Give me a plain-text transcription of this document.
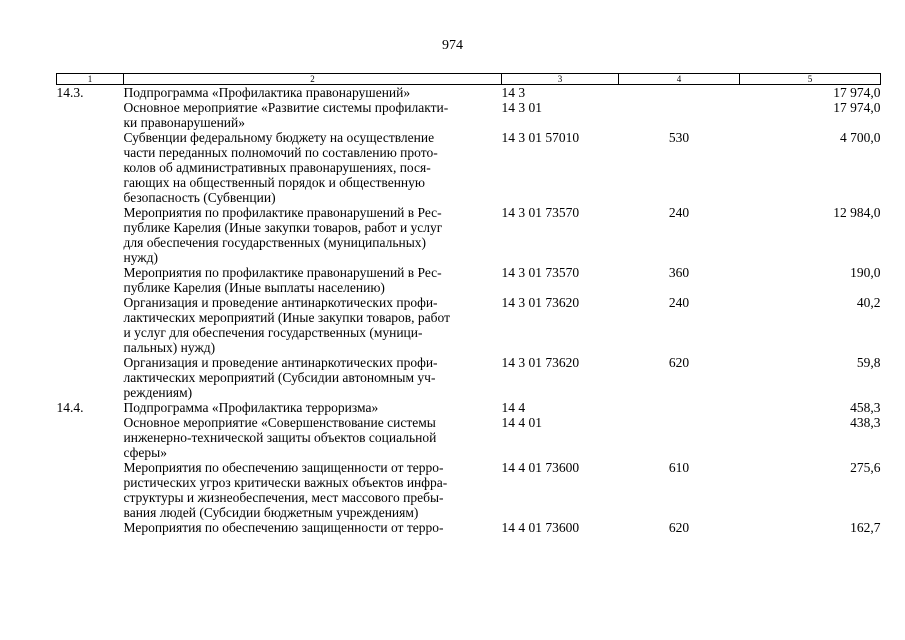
974
1	2	3	4	5
14.3.	Подпрограмма «Профилактика правонарушений»	14 3		17 974,0

	Основное мероприятие «Развитие системы профилакти-
ки правонарушений»	14 3 01		17 974,0

	Субвенции федеральному бюджету на осуществление
части переданных полномочий по составлению прото-
колов об административных правонарушениях, пося-
гающих на общественный порядок и общественную
безопасность (Субвенции)	14 3 01 57010	530	4 700,0

	Мероприятия по профилактике правонарушений в Рес-
публике Карелия (Иные закупки товаров, работ и услуг
для обеспечения государственных (муниципальных)
нужд)	14 3 01 73570	240	12 984,0

	Мероприятия по профилактике правонарушений в Рес-
публике Карелия (Иные выплаты населению)	14 3 01 73570	360	190,0

	Организация и проведение антинаркотических профи-
лактических мероприятий (Иные закупки товаров, работ
и услуг для обеспечения государственных (муници-
пальных) нужд)	14 3 01 73620	240	40,2

	Организация и проведение антинаркотических профи-
лактических мероприятий (Субсидии автономным уч-
реждениям)	14 3 01 73620	620	59,8
14.4.	Подпрограмма «Профилактика терроризма»	14 4		458,3

	Основное мероприятие «Совершенствование системы
инженерно-технической защиты объектов социальной
сферы»	14 4 01		438,3

	Мероприятия по обеспечению защищенности от терро-
ристических угроз критически важных объектов инфра-
структуры и жизнеобеспечения, мест массового пребы-
вания людей (Субсидии бюджетным учреждениям)	14 4 01 73600	610	275,6

	Мероприятия по обеспечению защищенности от терро-	14 4 01 73600	620	162,7
